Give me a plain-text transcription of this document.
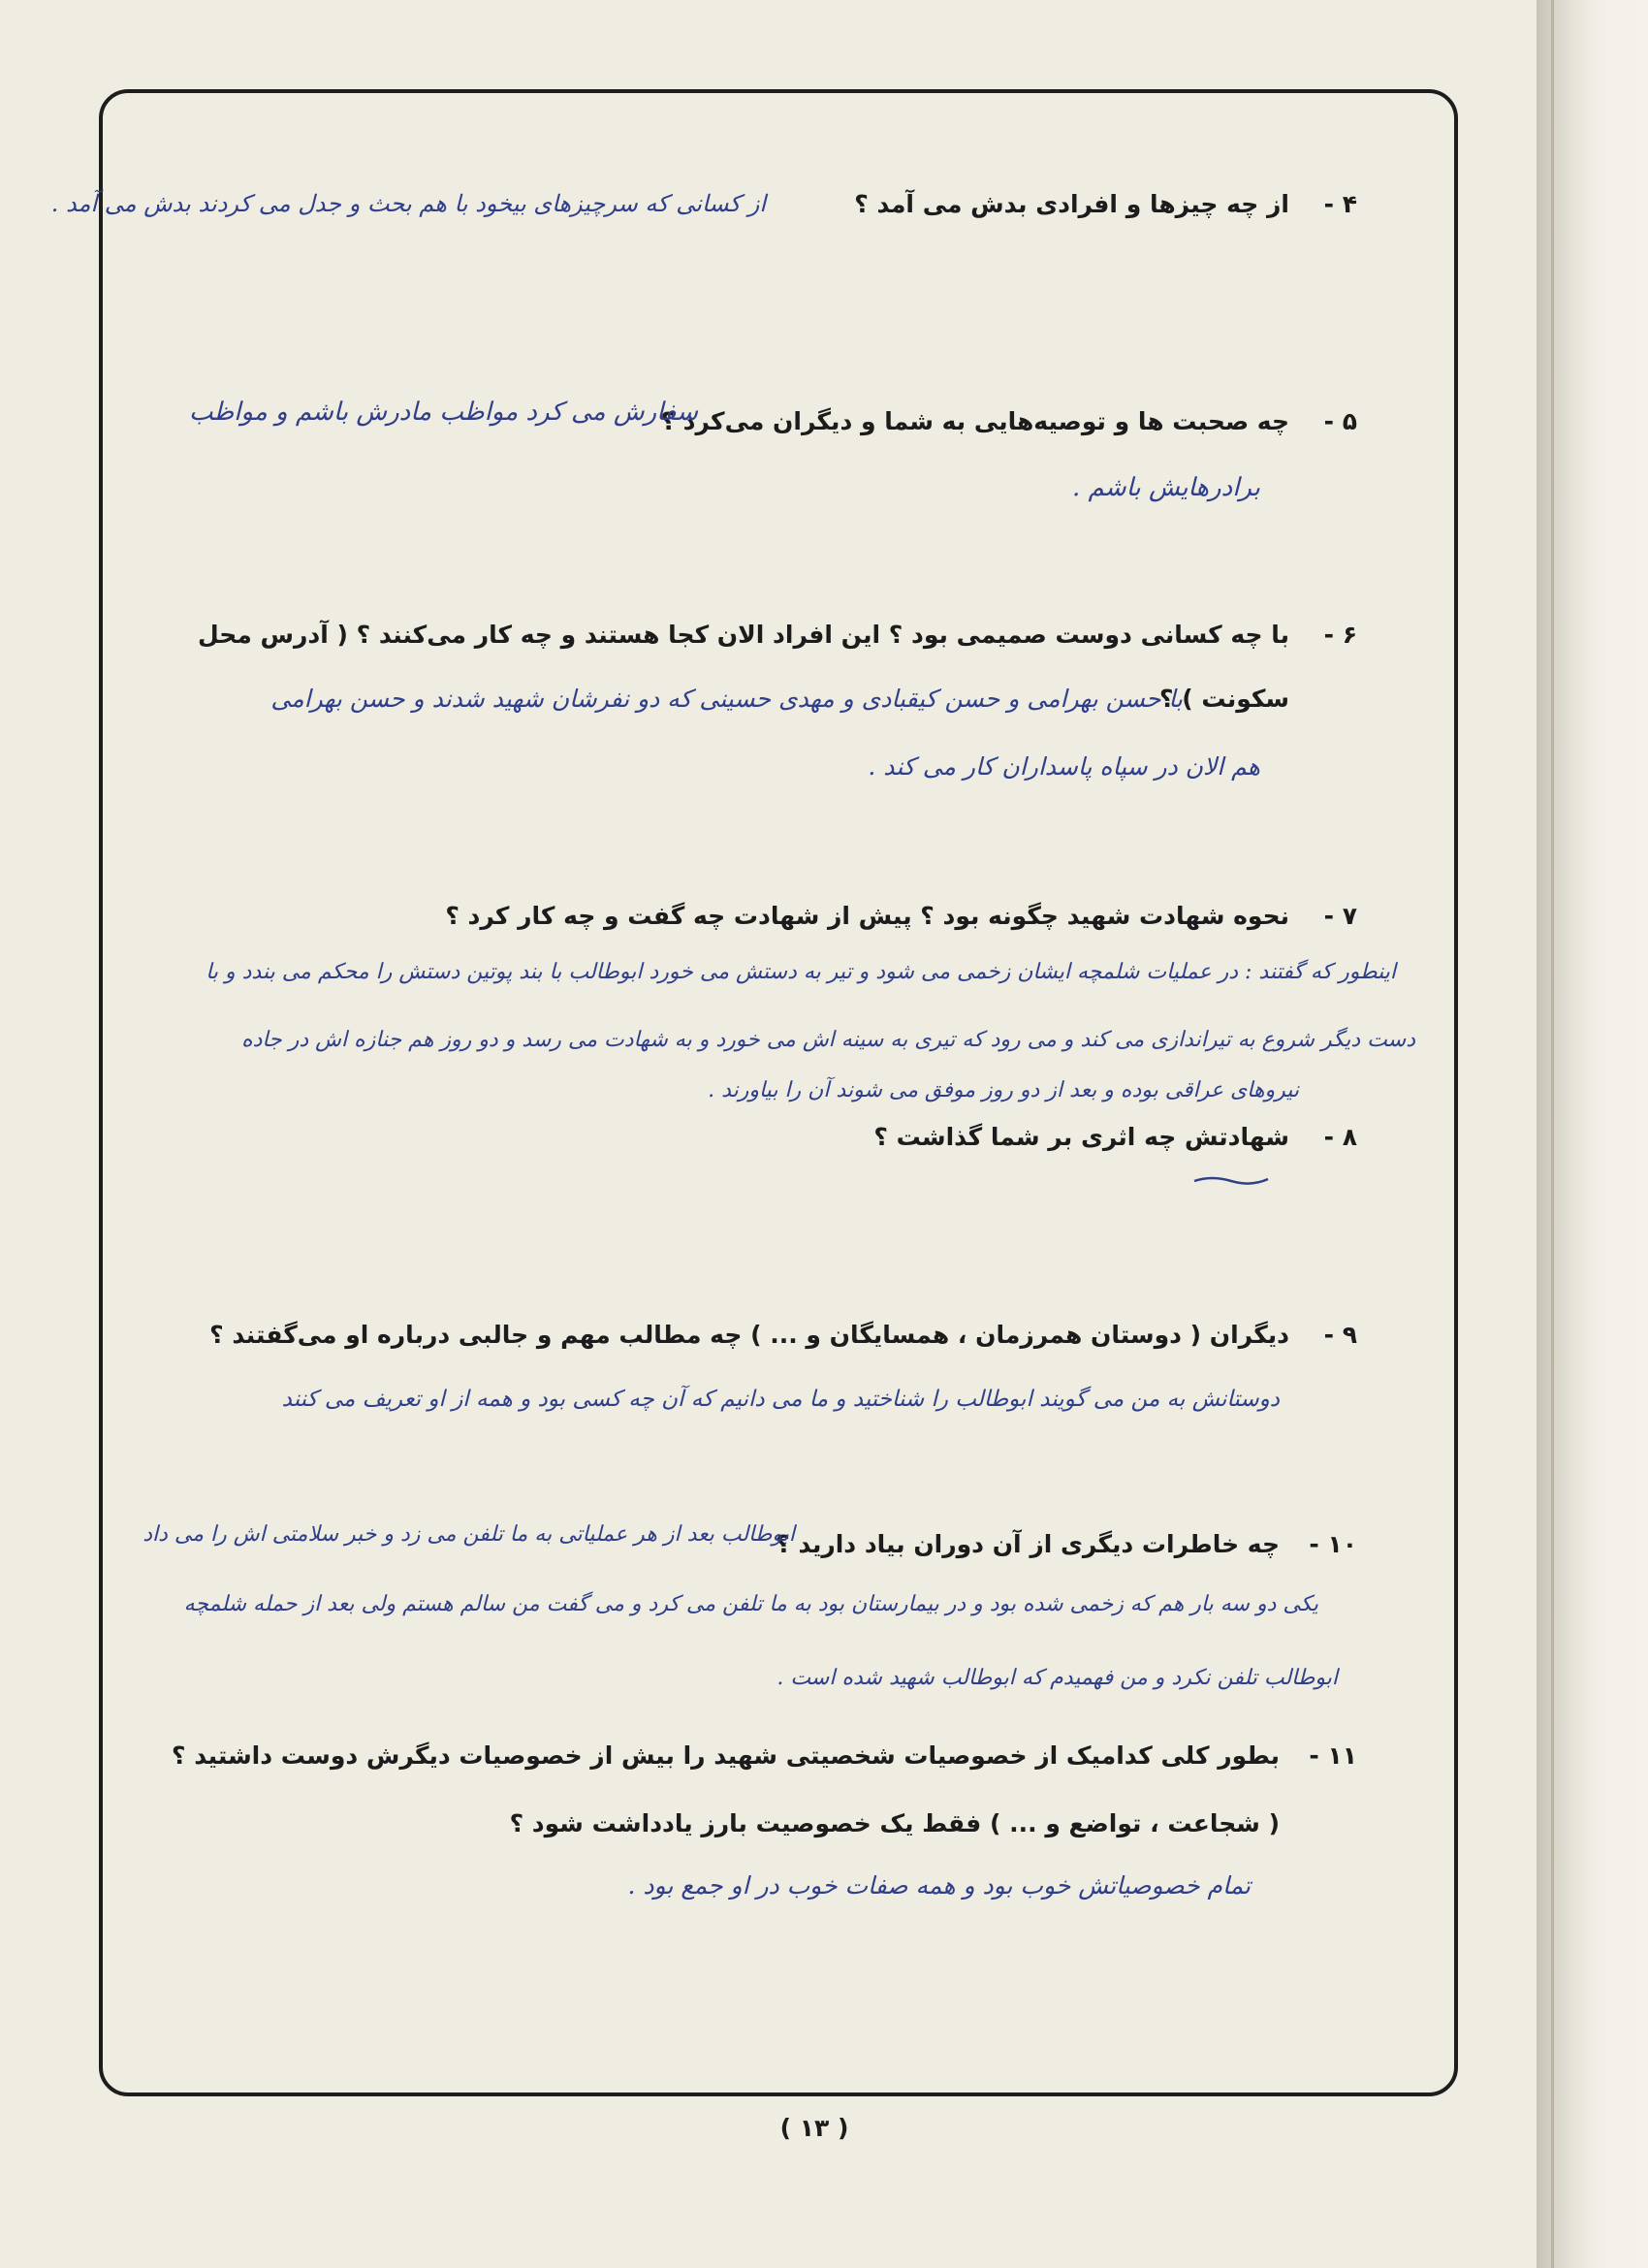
۴ -
از چه چیزها و افرادی بدش می آمد ؟
از کسانی که سرچیزهای بیخود با هم بحث و جدل می کردند بدش می آمد .
۵ -
چه صحبت ها و توصیه‌هایی به شما و دیگران می‌کرد ؟
سفارش می کرد مواظب مادرش باشم و مواظب
برادرهایش باشم .
۶ -
با چه کسانی دوست صمیمی بود ؟ این افراد الان کجا هستند و چه کار می‌کنند ؟ ( آدرس محل
سکونت ) ؟
با حسن بهرامی و حسن کیقبادی و مهدی حسینی که دو نفرشان شهید شدند و حسن بهرامی
هم الان در سپاه پاسداران کار می کند .
۷ -
نحوه شهادت شهید چگونه بود ؟ پیش از شهادت چه گفت و چه کار کرد ؟
اینطور که گفتند : در عملیات شلمچه ایشان زخمی می شود و تیر به دستش می خورد ابوطالب با بند پوتین دستش را محکم می بندد و با
دست دیگر شروع به تیراندازی می کند و می رود که تیری به سینه اش می خورد و به شهادت می رسد و دو روز هم جنازه اش در جاده
نیروهای عراقی بوده و بعد از دو روز موفق می شوند آن را بیاورند .
۸ -
شهادتش چه اثری بر شما گذاشت ؟
۹ -
دیگران ( دوستان همرزمان ، همسایگان و ... ) چه مطالب مهم و جالبی درباره او می‌گفتند ؟
دوستانش به من می گویند ابوطالب را شناختید و ما می دانیم که آن چه کسی بود و همه از او تعریف می کنند
۱۰ -
چه خاطرات دیگری از آن دوران بیاد دارید ؟
ابوطالب بعد از هر عملیاتی به ما تلفن می زد و خبر سلامتی اش را می داد
یکی دو سه بار هم که زخمی شده بود و در بیمارستان بود به ما تلفن می کرد و می گفت من سالم هستم ولی بعد از حمله شلمچه
ابوطالب تلفن نکرد و من فهمیدم که ابوطالب شهید شده است .
۱۱ -
بطور کلی کدامیک از خصوصیات شخصیتی شهید را بیش از خصوصیات دیگرش دوست داشتید ؟
( شجاعت ، تواضع و ... ) فقط یک خصوصیت بارز یادداشت شود ؟
تمام خصوصیاتش خوب بود و همه صفات خوب در او جمع بود .
( ۱۳ )
